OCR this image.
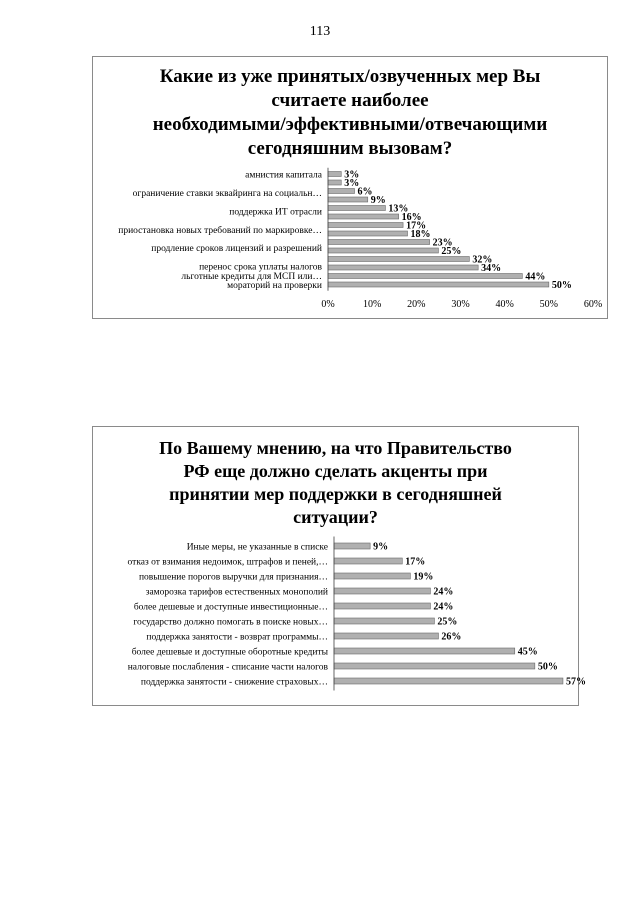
113
Какие из уже принятых/озвученных мер Вы
считаете наиболее
необходимыми/эффективными/отвечающими
сегодняшним вызовам?
3%
3%
6%
9%
13%
16%
17%
18%
23%
25%
32%
34%
44%
50%
амнистия капитала
ограничение ставки эквайринга на социальн…
поддержка ИТ отрасли
приостановка новых требований по маркировке…
продление сроков лицензий и разрешений
перенос срока уплаты налогов
льготные кредиты для МСП или…
мораторий на проверки
0%	10%	20%	30%	40%	50%	60%
По Вашему мнению, на что Правительство
РФ еще должно сделать акценты при
принятии мер поддержки в сегодняшней
ситуации?
9%
17%
19%
24%
24%
25%
26%
45%
50%
57%
Иные меры, не указанные в списке
отказ от взимания недоимок, штрафов и пеней,…
повышение порогов выручки для признания…
заморозка тарифов естественных монополий
более дешевые и доступные инвестиционные…
государство должно помогать в поиске новых…
поддержка занятости - возврат программы…
более дешевые и доступные оборотные кредиты
налоговые послабления - списание части налогов
поддержка занятости - снижение страховых…
